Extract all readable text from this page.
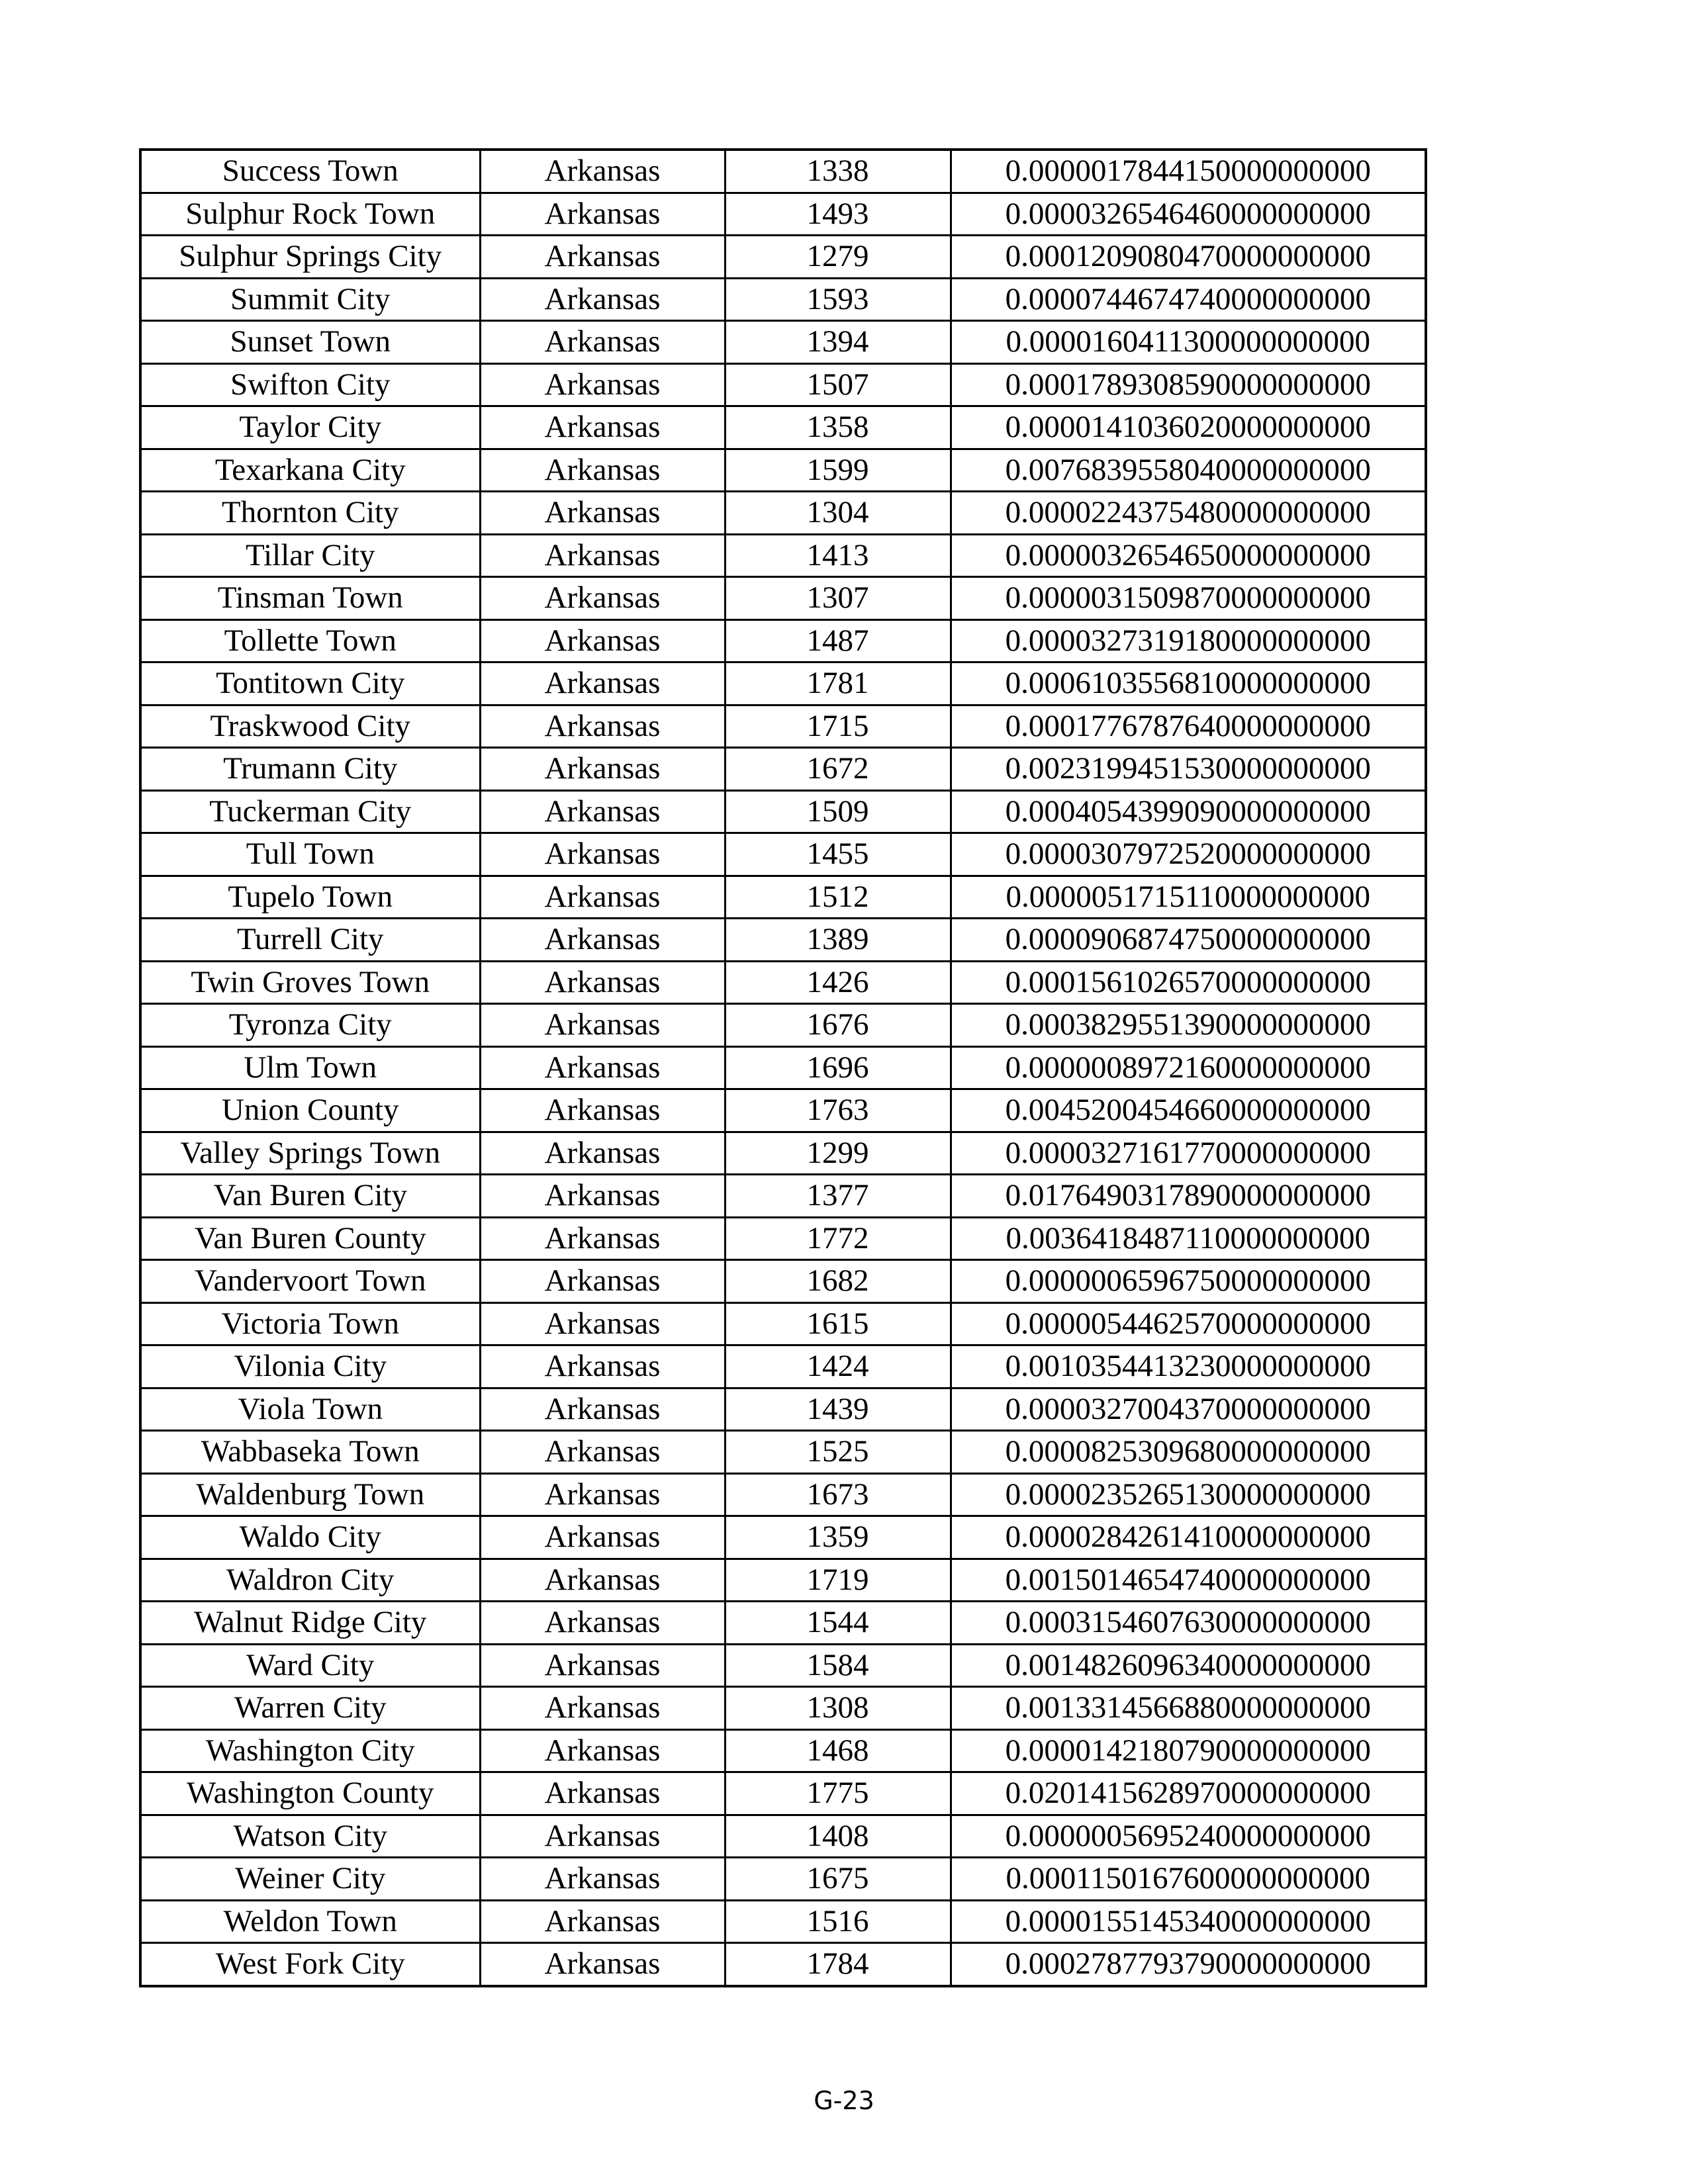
Success Town	Arkansas	1338	0.0000017844150000000000
Sulphur Rock Town	Arkansas	1493	0.0000326546460000000000
Sulphur Springs City	Arkansas	1279	0.0001209080470000000000
Summit City	Arkansas	1593	0.0000744674740000000000
Sunset Town	Arkansas	1394	0.0000160411300000000000
Swifton City	Arkansas	1507	0.0001789308590000000000
Taylor City	Arkansas	1358	0.0000141036020000000000
Texarkana City	Arkansas	1599	0.0076839558040000000000
Thornton City	Arkansas	1304	0.0000224375480000000000
Tillar City	Arkansas	1413	0.0000032654650000000000
Tinsman Town	Arkansas	1307	0.0000031509870000000000
Tollette Town	Arkansas	1487	0.0000327319180000000000
Tontitown City	Arkansas	1781	0.0006103556810000000000
Traskwood City	Arkansas	1715	0.0001776787640000000000
Trumann City	Arkansas	1672	0.0023199451530000000000
Tuckerman City	Arkansas	1509	0.0004054399090000000000
Tull Town	Arkansas	1455	0.0000307972520000000000
Tupelo Town	Arkansas	1512	0.0000051715110000000000
Turrell City	Arkansas	1389	0.0000906874750000000000
Twin Groves Town	Arkansas	1426	0.0001561026570000000000
Tyronza City	Arkansas	1676	0.0003829551390000000000
Ulm Town	Arkansas	1696	0.0000008972160000000000
Union County	Arkansas	1763	0.0045200454660000000000
Valley Springs Town	Arkansas	1299	0.0000327161770000000000
Van Buren City	Arkansas	1377	0.0176490317890000000000
Van Buren County	Arkansas	1772	0.0036418487110000000000
Vandervoort Town	Arkansas	1682	0.0000006596750000000000
Victoria Town	Arkansas	1615	0.0000054462570000000000
Vilonia City	Arkansas	1424	0.0010354413230000000000
Viola Town	Arkansas	1439	0.0000327004370000000000
Wabbaseka Town	Arkansas	1525	0.0000825309680000000000
Waldenburg Town	Arkansas	1673	0.0000235265130000000000
Waldo City	Arkansas	1359	0.0000284261410000000000
Waldron City	Arkansas	1719	0.0015014654740000000000
Walnut Ridge City	Arkansas	1544	0.0003154607630000000000
Ward City	Arkansas	1584	0.0014826096340000000000
Warren City	Arkansas	1308	0.0013314566880000000000
Washington City	Arkansas	1468	0.0000142180790000000000
Washington County	Arkansas	1775	0.0201415628970000000000
Watson City	Arkansas	1408	0.0000005695240000000000
Weiner City	Arkansas	1675	0.0001150167600000000000
Weldon Town	Arkansas	1516	0.0000155145340000000000
West Fork City	Arkansas	1784	0.0002787793790000000000
G-23
